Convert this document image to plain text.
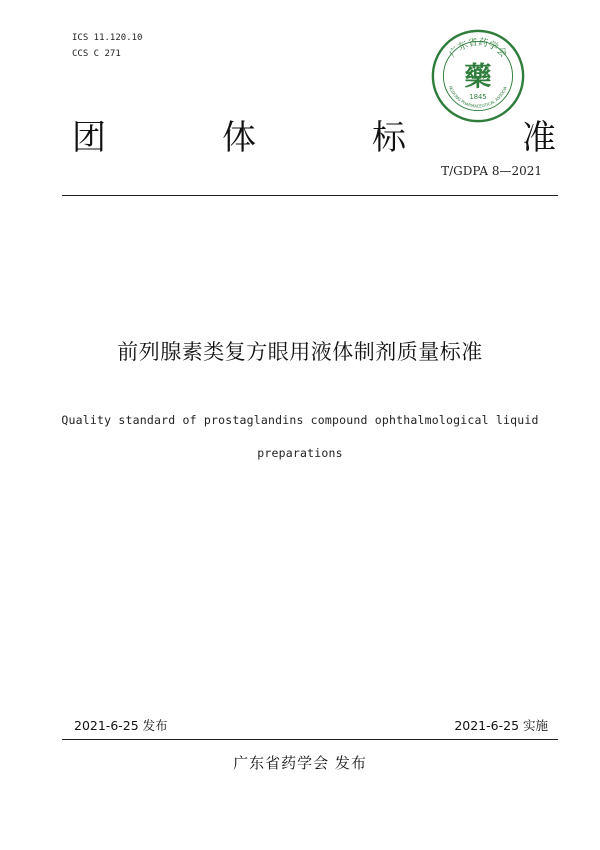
ICS 11.120.10
CCS C 271	广东省药学会
NGDONG PHARMACEUTICAL ASSOCIA
藥
1845
团	体	标	准
T/GDPA 8—2021
前列腺素类复方眼用液体制剂质量标准
Quality standard of prostaglandins compound ophthalmological liquid
preparations
2021-6-25 发布	2021-6-25 实施
广东省药学会 发布
